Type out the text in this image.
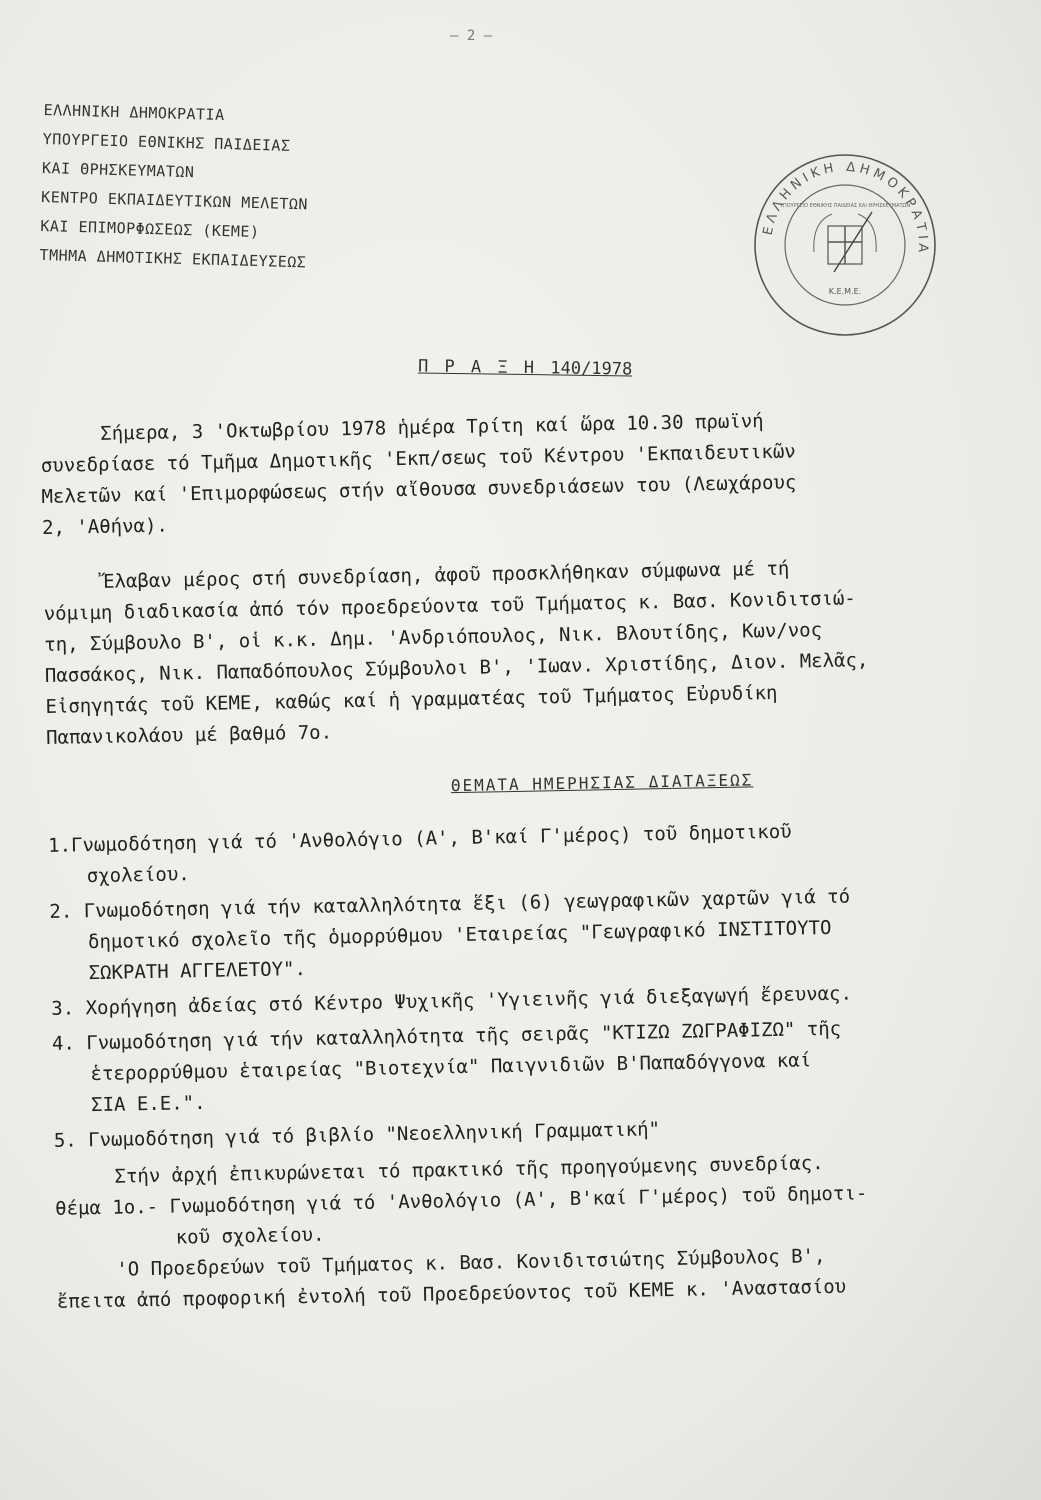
— 2 —
ΕΛΛΗΝΙΚΗ ΔΗΜΟΚΡΑΤΙΑ
ΥΠΟΥΡΓΕΙΟ ΕΘΝΙΚΗΣ ΠΑΙΔΕΙΑΣ
ΚΑΙ ΘΡΗΣΚΕΥΜΑΤΩΝ
ΚΕΝΤΡΟ ΕΚΠΑΙΔΕΥΤΙΚΩΝ ΜΕΛΕΤΩΝ
ΚΑΙ ΕΠΙΜΟΡΦΩΣΕΩΣ (ΚΕΜΕ)
ΤΜΗΜΑ ΔΗΜΟΤΙΚΗΣ ΕΚΠΑΙΔΕΥΣΕΩΣ
ΕΛΛΗΝΙΚΗ ΔΗΜΟΚΡΑΤΙΑ
Κ.Ε.Μ.Ε.
ΥΠΟΥΡΓΕΙΟ ΕΘΝΙΚΗΣ ΠΑΙΔΕΙΑΣ ΚΑΙ ΘΡΗΣΚΕΥΜΑΤΩΝ
Π Ρ Α Ξ Η 140/1978
Σήμερα, 3 'Οκτωβρίου 1978 ἡμέρα Τρίτη καί ὥρα 10.30 πρωϊνή
συνεδρίασε τό Τμῆμα Δημοτικῆς 'Εκπ/σεως τοῦ Κέντρου 'Εκπαιδευτικῶν
Μελετῶν καί 'Επιμορφώσεως στήν αἴθουσα συνεδριάσεων του (Λεωχάρους
2, 'Αθήνα).
Ἔλαβαν μέρος στή συνεδρίαση, ἀφοῦ προσκλήθηκαν σύμφωνα μέ τή
νόμιμη διαδικασία ἀπό τόν προεδρεύοντα τοῦ Τμήματος κ. Βασ. Κονιδιτσιώ-
τη, Σύμβουλο Β', οἱ κ.κ. Δημ. 'Ανδριόπουλος, Νικ. Βλουτίδης, Κων/νος
Πασσάκος, Νικ. Παπαδόπουλος Σύμβουλοι Β', 'Ιωαν. Χριστίδης, Διον. Μελᾶς,
Εἰσηγητάς τοῦ ΚΕΜΕ, καθώς καί ἡ γραμματέας τοῦ Τμήματος Εὐρυδίκη
Παπανικολάου μέ βαθμό 7ο.
ΘΕΜΑΤΑ ΗΜΕΡΗΣΙΑΣ ΔΙΑΤΑΞΕΩΣ
1.Γνωμοδότηση γιά τό 'Ανθολόγιο (Α', Β'καί Γ'μέρος) τοῦ δημοτικοῦ
σχολείου.
2. Γνωμοδότηση γιά τήν καταλληλότητα ἕξι (6) γεωγραφικῶν χαρτῶν γιά τό
δημοτικό σχολεῖο τῆς ὁμορρύθμου 'Εταιρείας "Γεωγραφικό ΙΝΣΤΙΤΟΥΤΟ
ΣΩΚΡΑΤΗ ΑΓΓΕΛΕΤΟΥ".
3. Χορήγηση ἀδείας στό Κέντρο Ψυχικῆς 'Υγιεινῆς γιά διεξαγωγή ἔρευνας.
4. Γνωμοδότηση γιά τήν καταλληλότητα τῆς σειρᾶς "ΚΤΙΖΩ ΖΩΓΡΑΦΙΖΩ" τῆς
ἑτερορρύθμου ἑταιρείας "Βιοτεχνία" Παιγνιδιῶν Β'Παπαδόγγονα καί
ΣΙΑ Ε.Ε.".
5. Γνωμοδότηση γιά τό βιβλίο "Νεοελληνική Γραμματική"
Στήν ἀρχή ἐπικυρώνεται τό πρακτικό τῆς προηγούμενης συνεδρίας.
θέμα 1ο.- Γνωμοδότηση γιά τό 'Ανθολόγιο (Α', Β'καί Γ'μέρος) τοῦ δημοτι-
κοῦ σχολείου.
'Ο Προεδρεύων τοῦ Τμήματος κ. Βασ. Κονιδιτσιώτης Σύμβουλος Β',
ἔπειτα ἀπό προφορική ἐντολή τοῦ Προεδρεύοντος τοῦ ΚΕΜΕ κ. 'Αναστασίου
